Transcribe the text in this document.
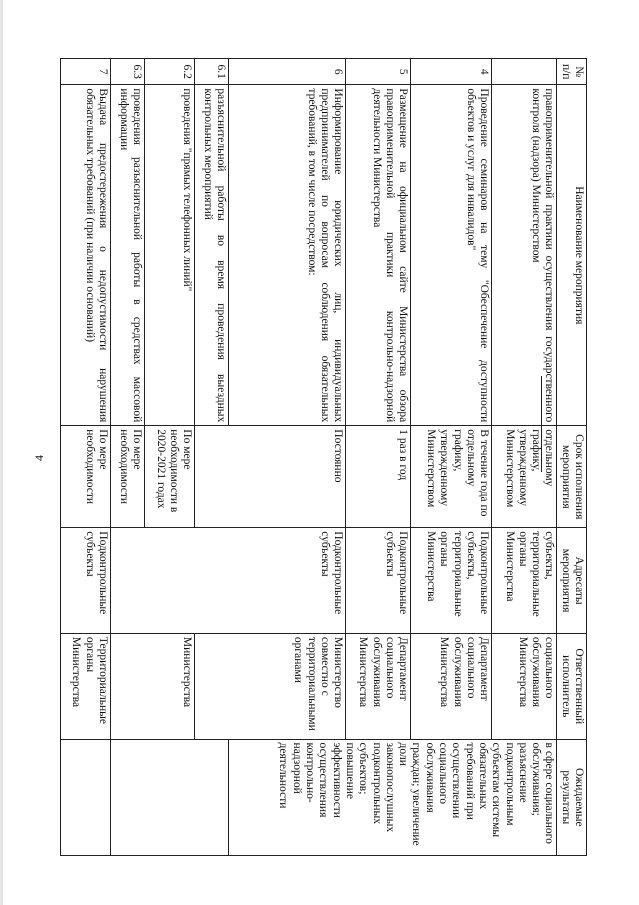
4
№ п/п	Наименование мероприятия	Срок исполнения мероприятия	Адресаты мероприятия	Ответственный исполнитель	Ожидаемые результаты
	правоприменительной практики осуществления государственного контроля (надзора) Министерством	отдельному графику, утвержденному Министерством	субъекты, территориальные органы Министерства	социального обслуживания Министерства	в сфере социального обслуживания; разъяснение подконтрольным субъектам системы обязательных требований при осуществлении социального обслуживания граждан; увеличение доли законопослушных подконтрольных субъектов; повышение эффективности осуществления контрольно-надзорной деятельности
4	Проведение семинаров на тему "Обеспечение доступности объектов и услуг для инвалидов"	В течение года по отдельному графику, утвержденному Министерством	Подконтрольные субъекты, территориальные органы Министерства	Департамент социального обслуживания Министерства	
5	Размещение на официальном сайте Министерства обзора правоприменительной практики контрольно-надзорной деятельности Министерства	1 раз в год	Подконтрольные субъекты	Департамент социального обслуживания Министерства	
6	Информирование юридических лиц, индивидуальных предпринимателей по вопросам соблюдения обязательных требований, в том числе посредством:	Постоянно	Подконтрольные субъекты	Министерство совместно с территориальными органами	
6.1	разъяснительной работы во время проведения выездных контрольных мероприятий				
6.2	проведения "прямых телефонных линий"	По мере необходимости в 2020-2021 годах		Министерства	
6.3	проведения разъяснительной работы в средствах массовой информации	По мере необходимости			
7	Выдача предостережения о недопустимости нарушения обязательных требований (при наличии оснований)	По мере необходимости	Подконтрольные субъекты	Территориальные органы Министерства	
